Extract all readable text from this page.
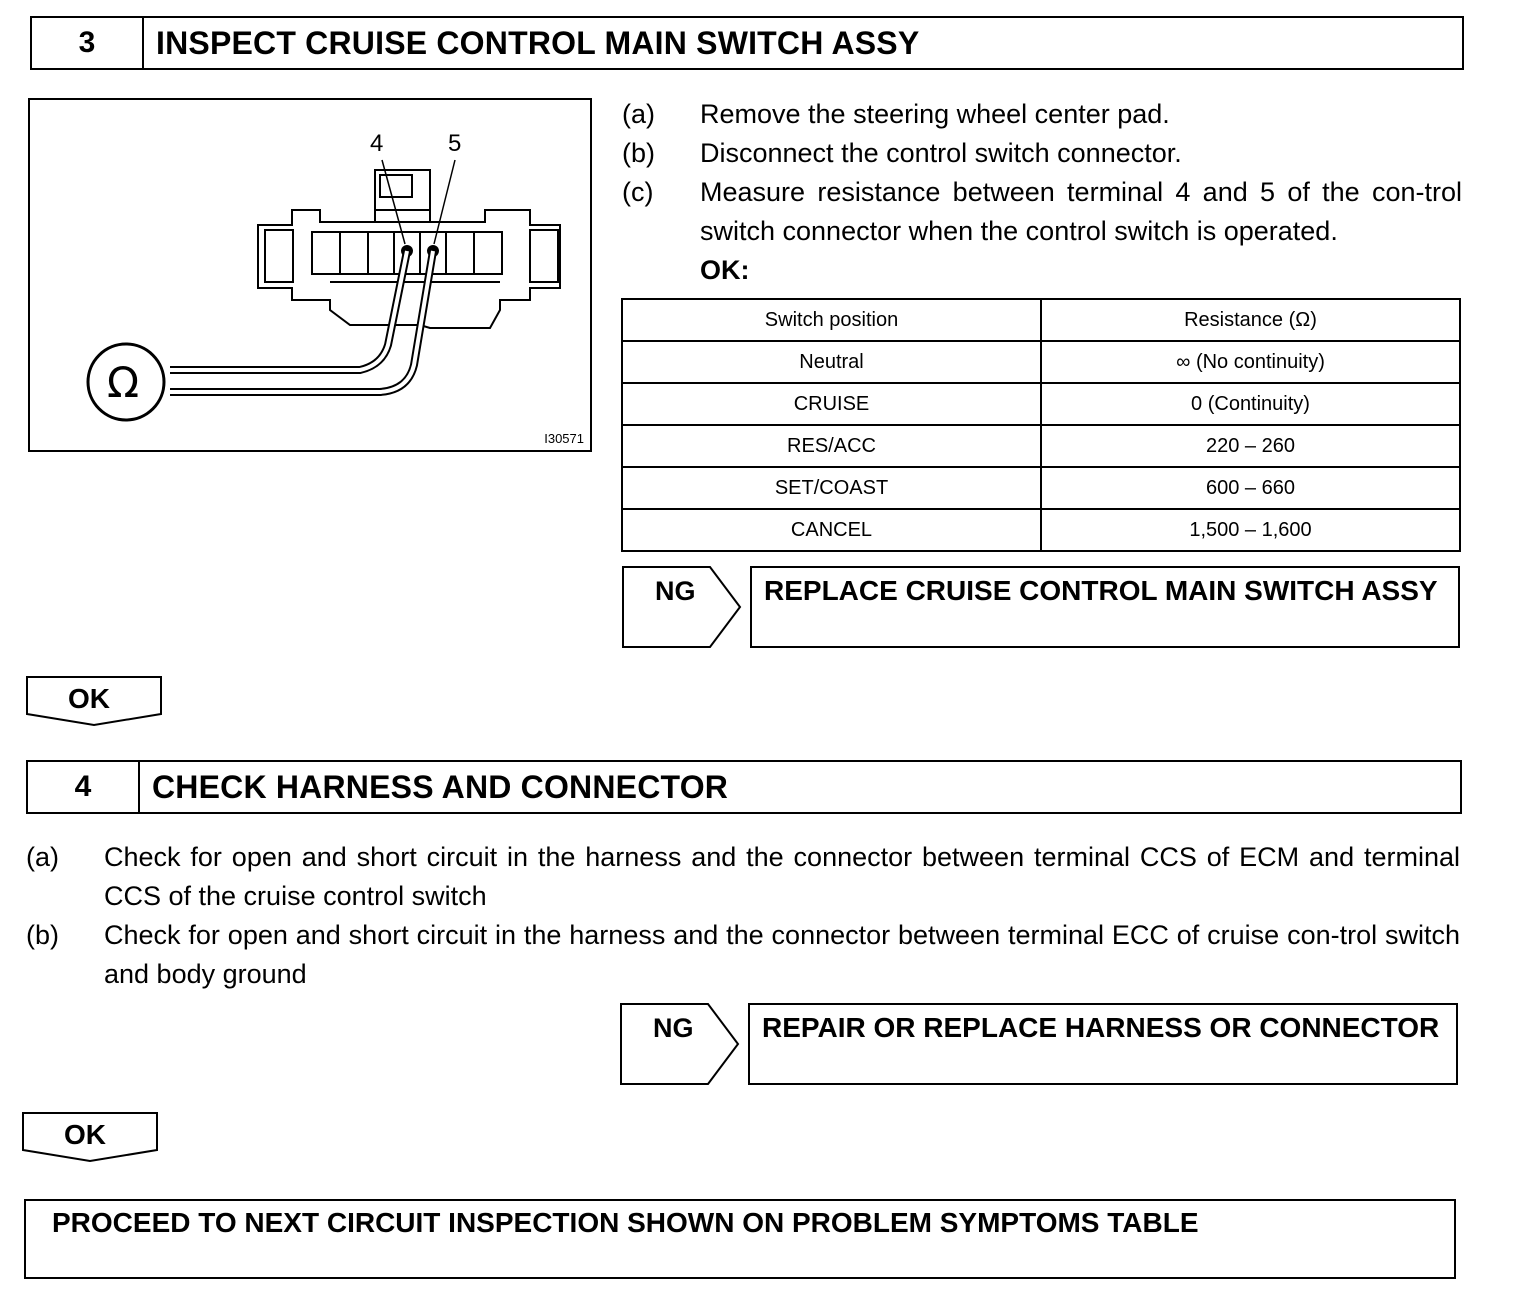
3	INSPECT CRUISE CONTROL MAIN SWITCH ASSY
4	5
Ω
I30571
(a)	Remove the steering wheel center pad.
(b)	Disconnect the control switch connector.
(c)	Measure resistance between terminal 4 and 5 of the con-trol switch connector when the control switch is operated.
OK:
Switch position	Resistance (Ω)
Neutral	∞ (No continuity)
CRUISE	0 (Continuity)
RES/ACC	220 – 260
SET/COAST	600 – 660
CANCEL	1,500 – 1,600
NG	REPLACE CRUISE CONTROL MAIN SWITCH ASSY
OK
4	CHECK HARNESS AND CONNECTOR
(a)	Check for open and short circuit in the harness and the connector between terminal CCS of ECM and terminal CCS of the cruise control switch
(b)	Check for open and short circuit in the harness and the connector between terminal ECC of cruise con-trol switch and body ground
NG	REPAIR OR REPLACE HARNESS OR CONNECTOR
OK
PROCEED TO NEXT CIRCUIT INSPECTION SHOWN ON PROBLEM SYMPTOMS TABLE
